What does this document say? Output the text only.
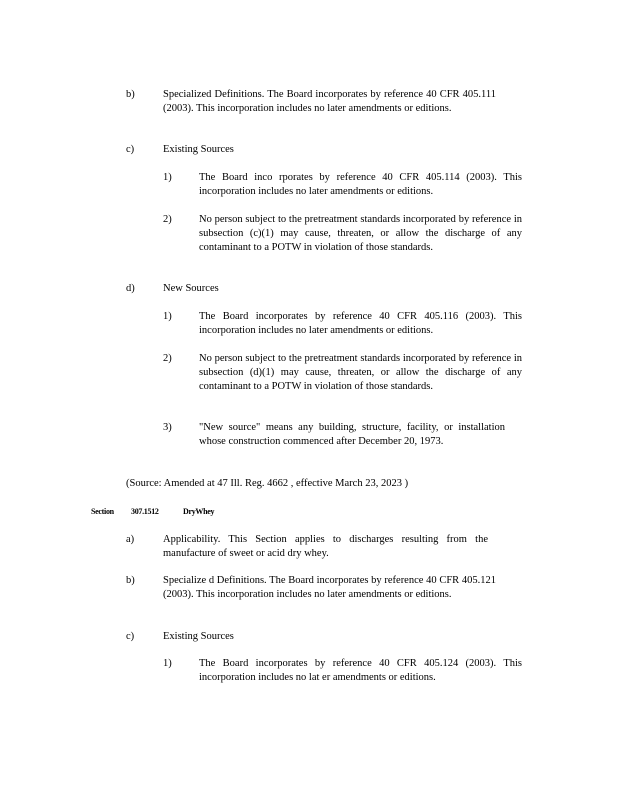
b)	Specialized Definitions. The Board incorporates by reference 40 CFR 405.111 (2003). This incorporation includes no later amendments or editions.
c)	Existing Sources
1)	The Board inco rporates by reference 40 CFR 405.114 (2003). This incorporation includes no later amendments or editions.
2)	No person subject to the pretreatment standards incorporated by reference in subsection (c)(1) may cause, threaten, or allow the discharge of any contaminant to a POTW in violation of those standards.
d)	New Sources
1)	The Board incorporates by reference 40 CFR 405.116 (2003). This incorporation includes no later amendments or editions.
2)	No person subject to the pretreatment standards incorporated by reference in subsection (d)(1) may cause, threaten, or allow the discharge of any contaminant to a POTW in violation of those standards.
3)	"New source" means any building, structure, facility, or installation whose construction commenced after December 20, 1973.
(Source: Amended at 47 Ill. Reg. 4662 , effective March 23, 2023 )
Section 307.1512	DryWhey
a)	Applicability. This Section applies to discharges resulting from the manufacture of sweet or acid dry whey.
b)	Specialize d Definitions. The Board incorporates by reference 40 CFR 405.121 (2003). This incorporation includes no later amendments or editions.
c)	Existing Sources
1)	The Board incorporates by reference 40 CFR 405.124 (2003). This incorporation includes no lat er amendments or editions.
